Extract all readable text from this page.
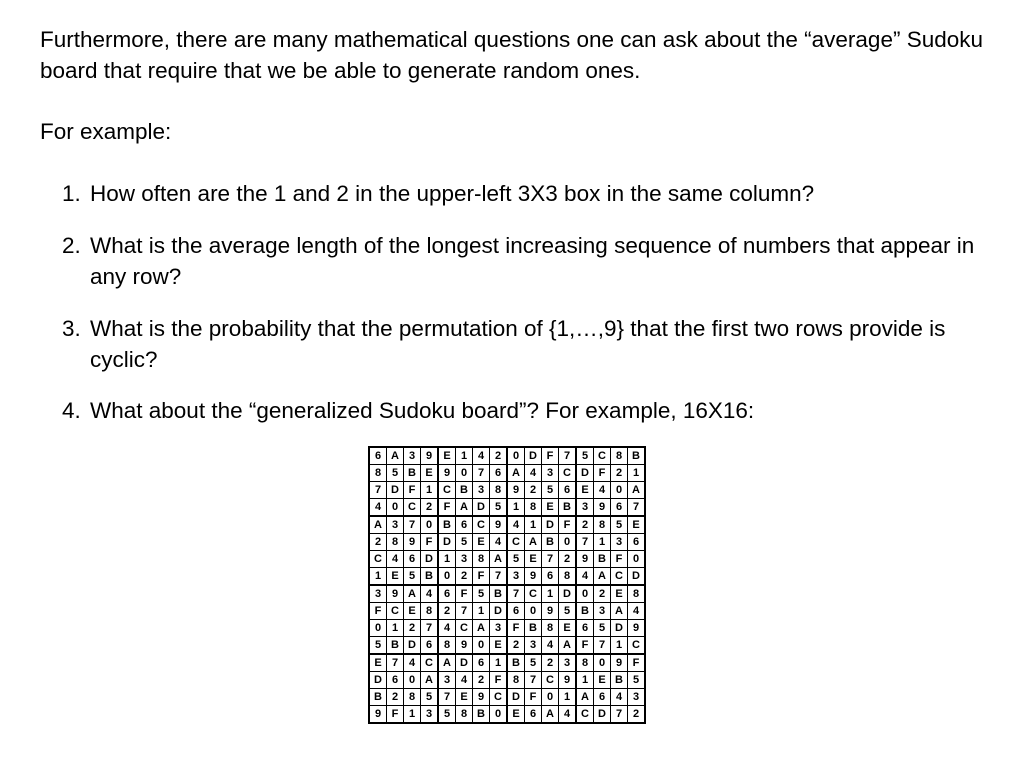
Furthermore, there are many mathematical questions one can ask about the “average” Sudoku board that require that we be able to generate random ones.

For example:

1. How often are the 1 and 2 in the upper-left 3X3 box in the same column?
2. What is the average length of the longest increasing sequence of numbers that appear in any row?
3. What is the probability that the permutation of {1,…,9} that the first two rows provide is cyclic?
4. What about the “generalized Sudoku board”? For example, 16X16:
6	A	3	9	E	1	4	2	0	D	F	7	5	C	8	B
8	5	B	E	9	0	7	6	A	4	3	C	D	F	2	1
7	D	F	1	C	B	3	8	9	2	5	6	E	4	0	A
4	0	C	2	F	A	D	5	1	8	E	B	3	9	6	7
A	3	7	0	B	6	C	9	4	1	D	F	2	8	5	E
2	8	9	F	D	5	E	4	C	A	B	0	7	1	3	6
C	4	6	D	1	3	8	A	5	E	7	2	9	B	F	0
1	E	5	B	0	2	F	7	3	9	6	8	4	A	C	D
3	9	A	4	6	F	5	B	7	C	1	D	0	2	E	8
F	C	E	8	2	7	1	D	6	0	9	5	B	3	A	4
0	1	2	7	4	C	A	3	F	B	8	E	6	5	D	9
5	B	D	6	8	9	0	E	2	3	4	A	F	7	1	C
E	7	4	C	A	D	6	1	B	5	2	3	8	0	9	F
D	6	0	A	3	4	2	F	8	7	C	9	1	E	B	5
B	2	8	5	7	E	9	C	D	F	0	1	A	6	4	3
9	F	1	3	5	8	B	0	E	6	A	4	C	D	7	2
